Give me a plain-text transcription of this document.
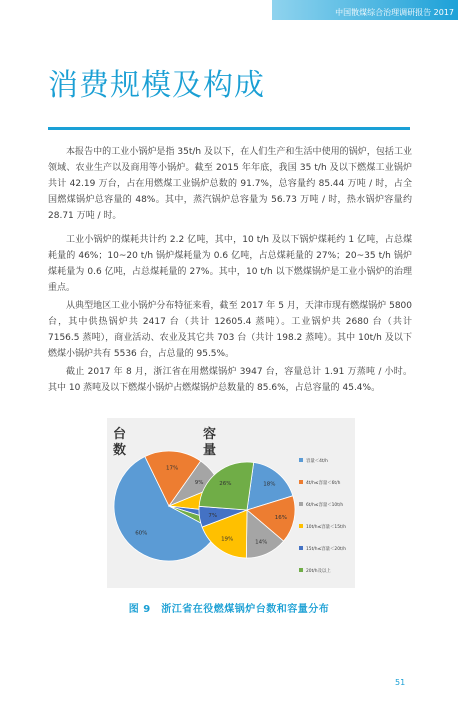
中国散煤综合治理调研报告 2017
消费规模及构成

本报告中的工业小锅炉是指 35t/h 及以下，在人们生产和生活中使用的锅炉，包括工业领域、农业生产以及商用等小锅炉。截至 2015 年年底，我国 35 t/h 及以下燃煤工业锅炉共计 42.19 万台，占在用燃煤工业锅炉总数的 91.7%，总容量约 85.44 万吨 / 时，占全国燃煤锅炉总容量的 48%。其中，蒸汽锅炉总容量为 56.73 万吨 / 时，热水锅炉容量约 28.71 万吨 / 时。

工业小锅炉的煤耗共计约 2.2 亿吨，其中，10 t/h 及以下锅炉煤耗约 1 亿吨，占总煤耗量的 46%；10~20 t/h 锅炉煤耗量为 0.6 亿吨，占总煤耗量的 27%；20~35 t/h 锅炉煤耗量为 0.6 亿吨，占总煤耗量的 27%。其中，10 t/h 以下燃煤锅炉是工业小锅炉的治理重点。

从典型地区工业小锅炉分布特征来看，截至 2017 年 5 月，天津市现有燃煤锅炉 5800 台，其中供热锅炉共 2417 台（共计 12605.4 蒸吨）。工业锅炉共 2680 台（共计 7156.5 蒸吨），商业活动、农业及其它共 703 台（共计 198.2 蒸吨）。其中 10t/h 及以下燃煤小锅炉共有 5536 台，占总量的 95.5%。

截止 2017 年 8 月，浙江省在用燃煤锅炉 3947 台，容量总计 1.91 万蒸吨 / 小时。其中 10 蒸吨及以下燃煤小锅炉占燃煤锅炉总数量的 85.6%，占总容量的 45.4%。

台
数
60%
17%
9%
容
量
18%
16%
14%
19%
7%
26%
容量＜4t/h
4t/h≤容量＜6t/h
6t/h≤容量＜10t/h
10t/h≤容量＜15t/h
15t/h≤容量＜20t/h
20t/h及以上
图 9　浙江省在役燃煤锅炉台数和容量分布
51
